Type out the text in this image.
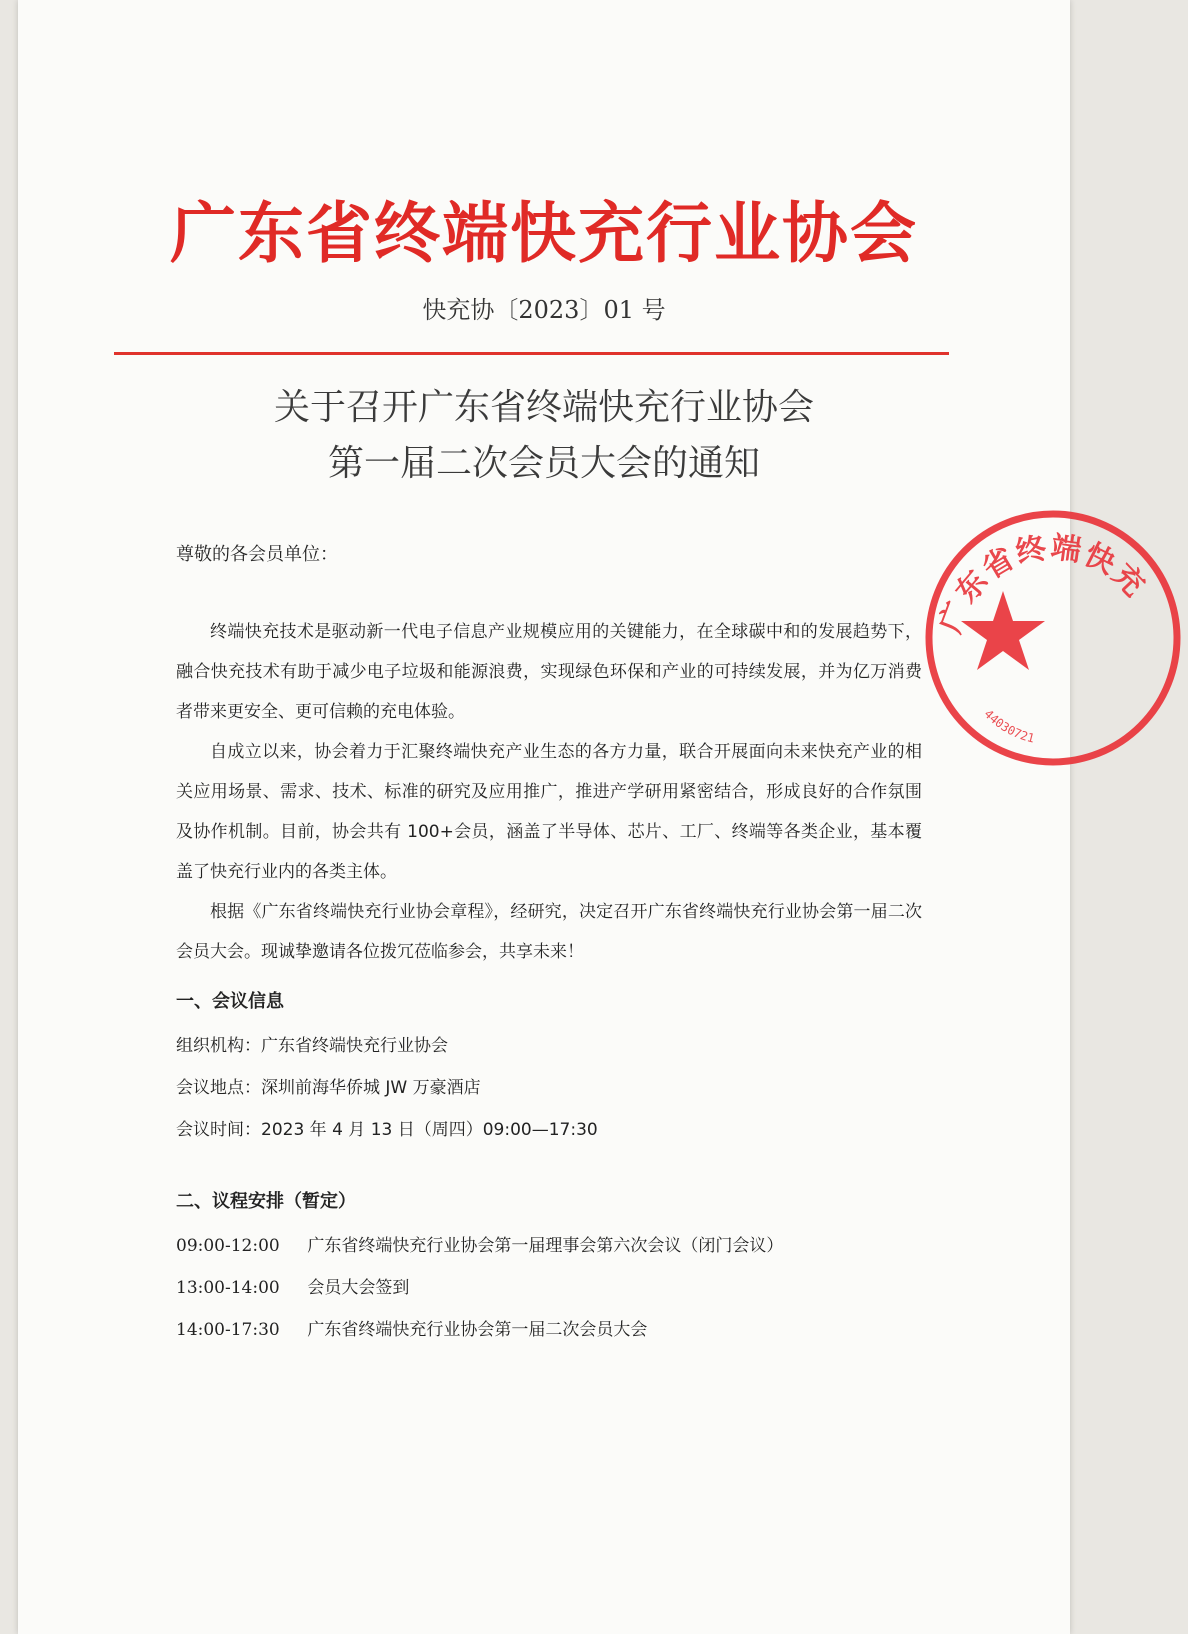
广东省终端快充行业协会
快充协〔2023〕01 号
关于召开广东省终端快充行业协会
第一届二次会员大会的通知
尊敬的各会员单位：

终端快充技术是驱动新一代电子信息产业规模应用的关键能力，在全球碳中和的发展趋势下，融合快充技术有助于减少电子垃圾和能源浪费，实现绿色环保和产业的可持续发展，并为亿万消费者带来更安全、更可信赖的充电体验。

自成立以来，协会着力于汇聚终端快充产业生态的各方力量，联合开展面向未来快充产业的相关应用场景、需求、技术、标准的研究及应用推广，推进产学研用紧密结合，形成良好的合作氛围及协作机制。目前，协会共有 100+会员，涵盖了半导体、芯片、工厂、终端等各类企业，基本覆盖了快充行业内的各类主体。

根据《广东省终端快充行业协会章程》，经研究，决定召开广东省终端快充行业协会第一届二次会员大会。现诚挚邀请各位拨冗莅临参会，共享未来！

一、会议信息
组织机构：广东省终端快充行业协会
会议地点：深圳前海华侨城 JW 万豪酒店
会议时间：2023 年 4 月 13 日（周四）09:00—17:30
二、议程安排（暂定）
09:00-12:00 广东省终端快充行业协会第一届理事会第六次会议（闭门会议）
13:00-14:00 会员大会签到
14:00-17:30 广东省终端快充行业协会第一届二次会员大会
广东省终端快充
44030721
